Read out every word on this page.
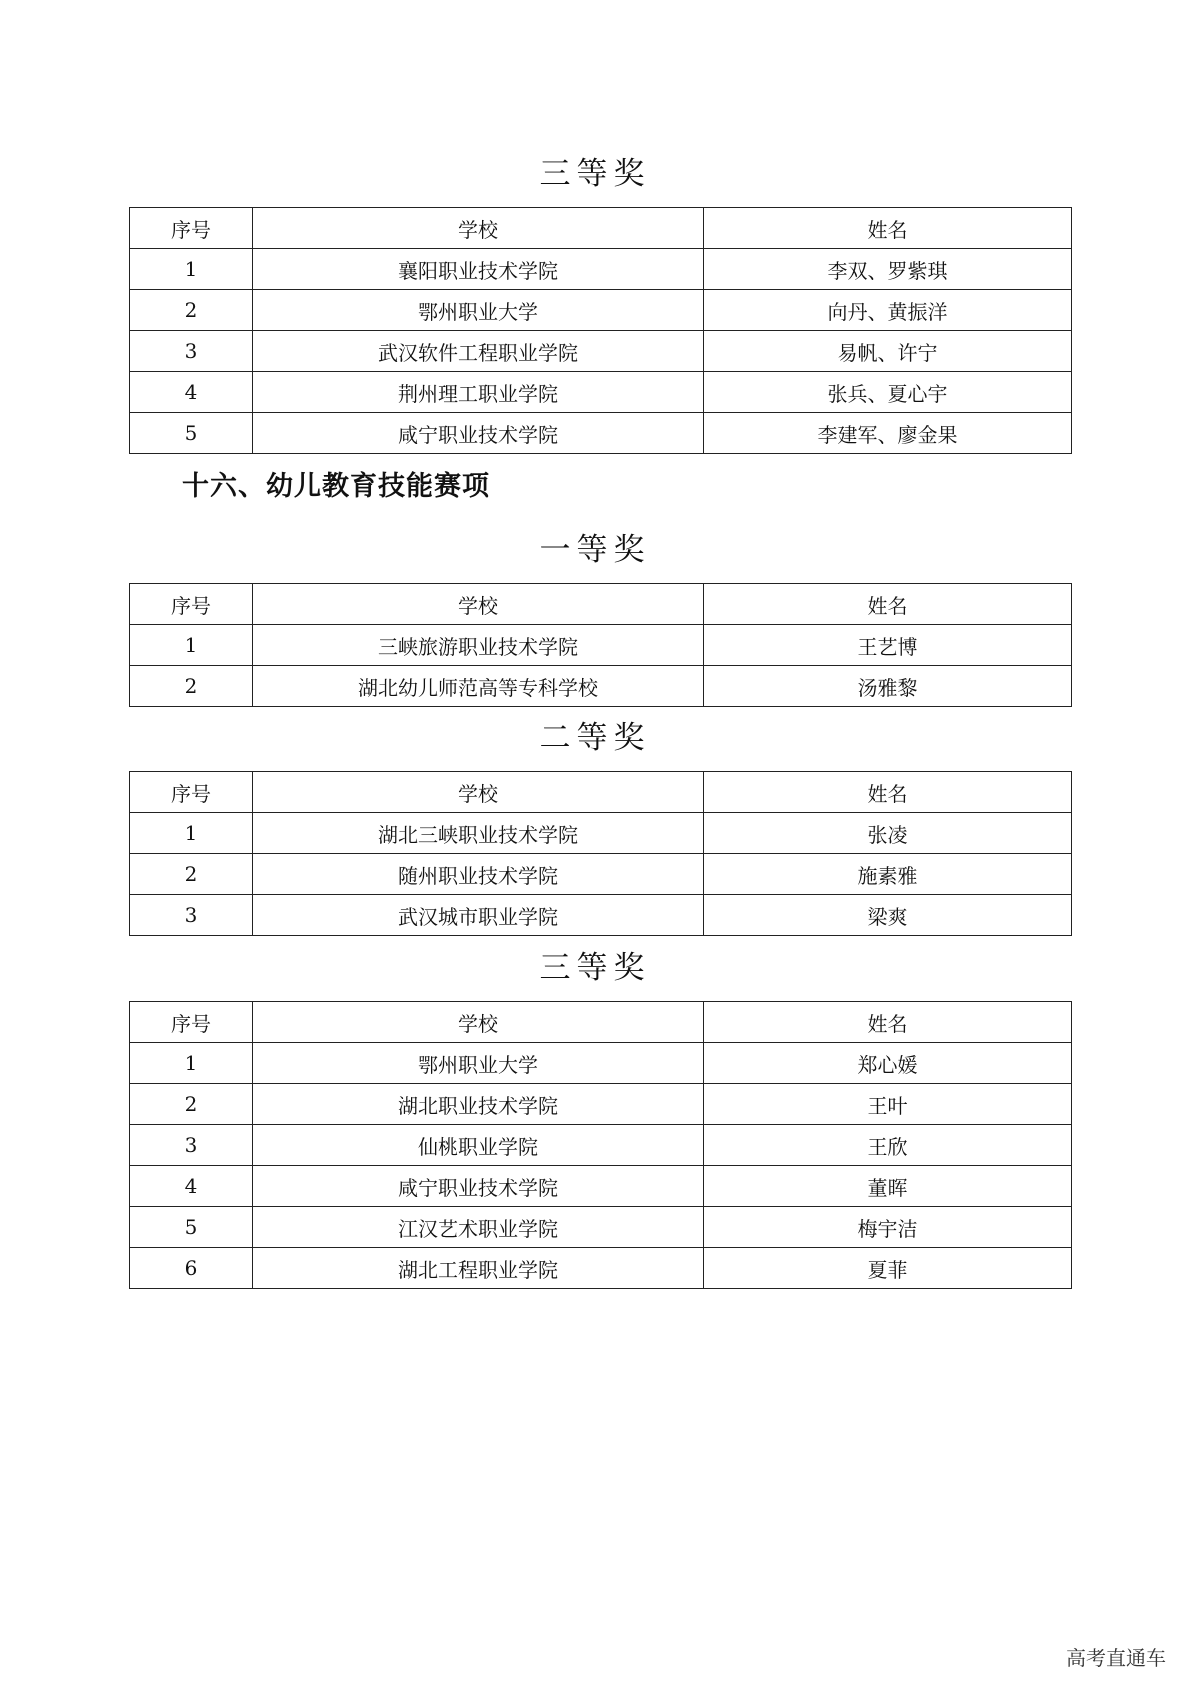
三等奖
序号	学校	姓名
1	襄阳职业技术学院	李双、罗紫琪
2	鄂州职业大学	向丹、黄振洋
3	武汉软件工程职业学院	易帆、许宁
4	荆州理工职业学院	张兵、夏心宇
5	咸宁职业技术学院	李建军、廖金果
十六、幼儿教育技能赛项
一等奖
序号	学校	姓名
1	三峡旅游职业技术学院	王艺博
2	湖北幼儿师范高等专科学校	汤雅黎
二等奖
序号	学校	姓名
1	湖北三峡职业技术学院	张凌
2	随州职业技术学院	施素雅
3	武汉城市职业学院	梁爽
三等奖
序号	学校	姓名
1	鄂州职业大学	郑心媛
2	湖北职业技术学院	王叶
3	仙桃职业学院	王欣
4	咸宁职业技术学院	董晖
5	江汉艺术职业学院	梅宇洁
6	湖北工程职业学院	夏菲
高考直通车
